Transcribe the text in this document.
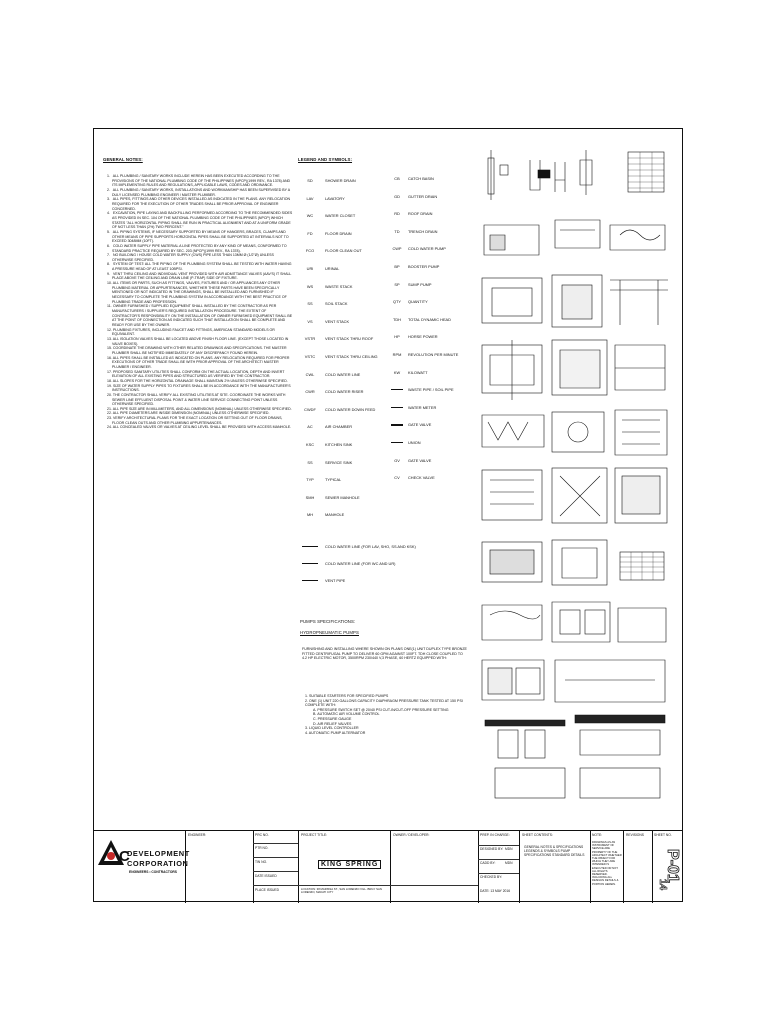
GENERAL NOTES:
1. ALL PLUMBING / SANITARY WORKS INCLUDE HEREIN HAS BEEN EXECUTED ACCORDING TO THE PROVISIONS OF THE NATIONAL PLUMBING CODE OF THE PHILIPPINES (NPCP)(1999 REV., RA 1378) AND ITS IMPLEMENTING RULES AND REGULATIONS, APPLICABLE LAWS, CODES AND ORDINANCE.
2. ALL PLUMBING / SANITARY WORKS, INSTALLATIONS AND WORKMANSHIP HAS BEEN SUPERVISED BY A DULY LICENSED PLUMBING ENGINEER / MASTER PLUMBER.
3. ALL PIPES, FITTINGS AND OTHER DEVICES INSTALLED AS INDICATED IN THE PLANS. ANY RELOCATION REQUIRED FOR THE EXECUTION OF OTHER TRADES SHALL BE PRIOR APPROVAL OF ENGINEER CONCERNED.
4. EXCAVATION, PIPE LAYING AND BACKFILLING PERFORMED ACCORDING TO THE RECOMMENDED SIDES AS PROVIDED IN SEC. 104 OF THE NATIONAL PLUMBING CODE OF THE PHILIPPINES (NPCP) WHICH STATES "ALL HORIZONTAL PIPING SHALL BE RUN IN PRACTICAL ALIGNMENT AND AT A UNIFORM GRADE OF NOT LESS THAN (2%) TWO PERCENT."
5. ALL PIPING SYSTEMS, IF NECESSARY SUPPORTED BY MEANS OF HANGERS, BRACES, CLAMPS AND OTHER MEANS OF PIPE SUPPORTS HORIZONTAL PIPES SHALL BE SUPPORTED AT INTERVALS NOT TO EXCEED 3048MM (10FT).
6. COLD WATER SUPPLY PIPE MATERIAL A LINE PROTECTED BY ANY KIND OF MEANS, CONFORMED TO STANDARD PRACTICE REQUIRED BY SEC. 203 (NPCP)(1999 REV., RA 1378).
7. NO BUILDING / HOUSE COLD WATER SUPPLY (CWS) PIPE LESS THAN 13MM Ø (1/2"Ø) UNLESS OTHERWISE SPECIFIED.
8. SYSTEM OF TEST: ALL THE PIPING OF THE PLUMBING SYSTEM SHALL BE TESTED WITH WATER HAVING A PRESSURE HEAD OF AT LEAST 10BPSI.
9. VENT THRU CEILING AND INDIVIDUAL VENT PROVIDED WITH AIR ADMITTANCE VALVES (AAV'S) IT SHALL PLACE ABOVE THE CEILING AND DRAIN LINE (P-TRAP) SIDE OF FIXTURE.
10. ALL ITEMS OR PARTS, SUCH AS FITTINGS, VALVES, FIXTURES AND / OR APPLIANCES ANY OTHER PLUMBING MATERIAL OR APPURTENANCES, WHETHER THESE PARTS HAVE BEEN SPECIFICALLY MENTIONED OR NOT INDICATED IN THE DRAWINGS, SHALL BE INSTALLED AND FURNISHED IF NECESSARY TO COMPLETE THE PLUMBING SYSTEM IN ACCORDANCE WITH THE BEST PRACTICE OF PLUMBING TRADE AND PROFESSION.
11. OWNER FURNISHED / SUPPLIED EQUIPMENT SHALL INSTALLED BY THE CONTRACTOR AS PER MANUFACTURERS / SUPPLIER'S REQUIRED INSTALLATION PROCEDURE. THE EXTENT OF CONTRACTOR'S RESPONSIBILITY ON THE INSTALLATION OF OWNER FURNISHED EQUIPMENT SHALL BE AT THE POINT OF CONNECTION AS INDICATED SUCH THAT INSTALLATION SHALL BE COMPLETE AND READY FOR USE BY THE OWNER.
12. PLUMBING FIXTURES, INCLUDING FAUCET AND FITTINGS, AMERICAN STANDARD MODELS OR EQUIVALENT.
13. ALL ISOLATION VALVES SHALL BE LOCATED ABOVE FINISH FLOOR LINE. (EXCEPT THOSE LOCATED IN VALVE BOXES).
15. COORDINATE THE DRAWING WITH OTHER RELATED DRAWINGS AND SPECIFICATIONS. THE MASTER PLUMBER SHALL BE NOTIFIED IMMEDIATELY OF ANY DISCREPANCY FOUND HEREIN.
16. ALL PIPES SHALL BE INSTALLED AS INDICATED ON PLANS. ANY RELOCATION REQUIRED FOR PROPER EXECUTIONS OF OTHER TRADE SHALL BE WITH PRIOR APPROVAL OF THE ARCHITECT/ MASTER PLUMBER / ENGINEER.
17. PROPOSED SANITARY UTILITIES SHALL CONFORM ON THE ACTUAL LOCATION, DEPTH AND INVERT ELEVATION OF ALL EXISTING PIPES AND STRUCTURED AS VERIFIED BY THE CONTRACTOR.
18. ALL SLOPES FOR THE HORIZONTAL DRAINAGE SHALL MAINTAIN 2% UNLESS OTHERWISE SPECIFIED.
19. SIZE OF WATER SUPPLY PIPES TO FIXTURES SHALL BE IN ACCORDANCE WITH THE MANUFACTURER'S INSTRUCTIONS.
20. THE CONTRACTOR SHALL VERIFY ALL EXISTING UTILITIES AT SITE. COORDINATE THE WORKS WITH SEWER LINE EFFLUENT DISPOSAL POINT & WATER LINE SERVICE CONNECTING POINT UNLESS OTHERWISE SPECIFIED.
21. ALL PIPE SIZE ARE IN MILLIMETERS, AND ALL DIMENSIONS (NOMINAL) UNLESS OTHERWISE SPECIFIED.
22. ALL PIPE DIAMETERS ARE INSIDE DIMENSION (NOMINAL) UNLESS OTHERWISE SPECIFIED.
23. VERIFY ARCHITECTURAL PLANS FOR THE EXACT LOCATION OR SETTING OUT OF FLOOR DRAINS, FLOOR CLEAN OUTS AND OTHER PLUMBING APPURTENANCES.
24. ALL CONCEALED VALVES OR VALVES AT CEILING LEVEL SHALL BE PROVIDED WITH ACCESS MANHOLE.
LEGEND AND SYMBOLS:
SD	SHOWER DRAIN
LAV	LAVATORY
WC	WATER CLOSET
FD	FLOOR DRAIN
FCO	FLOOR CLEAN OUT
URI	URINAL
WS	WASTE STACK
SS	SOIL STACK
VS	VENT STACK
VSTR	VENT STACK THRU ROOF
VSTC	VENT STACK THRU CEILING
CWL	COLD WATER LINE
CWR	COLD WATER RISER
CWDF	COLD WATER DOWN FEED
AC	AIR CHAMBER
KSC	KITCHEN SINK
SS	SERVICE SINK
TYP	TYPICAL
SMH	SEWER MANHOLE
MH	MANHOLE
COLD WATER LINE (FOR LAV, SHO, SS AND KSK)
COLD WATER LINE (FOR WC AND UR)
VENT PIPE
CB	CATCH BASIN
GD	GUTTER DRAIN
RD	ROOF DRAIN
TD	TRENCH DRAIN
CWP	COLD WATER PUMP
BP	BOOSTER PUMP
SP	SUMP PUMP
QTY	QUANTITY
TDH	TOTAL DYNAMIC HEAD
HP	HORSE POWER
RPM	REVOLUTION PER MINUTE
KW	KILOWATT
WASTE PIPE / SOIL PIPE
WATER METER
GATE VALVE
UNION
GV	GATE VALVE
CV	CHECK VALVE
PUMPS SPECIFICATIONS:
HYDROPNEUMATIC PUMPS
FURNISHING AND INSTALLING WHERE SHOWN ON PLANS ONE(1) UNIT DUPLEX TYPE BRONZE FITTED CENTRIFUGAL PUMP TO DELIVER 60 GPM AGAINST 100FT. TDH CLOSE COUPLED TO 4.2 HP ELECTRIC MOTOR, 3500RPM 230/440 V,3 PHASE, 60 HERTZ EQUIPPED WITH:
1. SUITABLE STARTERS FOR SPECIFIED PUMPS
2. ONE (1) UNIT 220 GALLONS CAPACITY DIAPHRAGM PRESSURE TANK TESTED AT 150 PSI COMPLETE WITH:
A. PRESSURE SWITCH SET @ 20/40 PSI CUT-IN/CUT-OFF PRESSURE SETTING
B. AUTOMATIC AIR VOLUME CONTROL
C. PRESSURE GAUGE
D. AIR RELIEF VALVES
3. LIQUID LEVEL CONTROLLER
4. AUTOMATIC PUMP ALTERNATOR
C
DEVELOPMENT
CORPORATION
ENGINEERS • CONTRACTORS
ENGINEER:	PRC NO.
PTR NO.
TIN NO.
DATE ISSUED
PLACE ISSUED
PROJECT TITLE:
KING SPRING
LOCATION: 38 MARISSA ST., SAN LORENZO VILL. BRGY SAN LORENZO, MAKATI CITY
OWNER / DEVELOPER:	PREP. IN CHARGE:
DESIGNED BY: MDN
CADD BY:	MDN
CHECKED BY:
DATE: 13 MAY 2016
SHEET CONTENTS:
GENERAL NOTES & SPECIFICATIONS LEGENDS & SYMBOLS PUMP SPECIFICATIONS STANDARD DETAILS
NOTE:
DRAWINGS AS AN INSTRUMENT OF SERVICE ARE PROPERTY OF THE ARCHITECT WHETHER THE OBJECT FOR WHICH THEY ARE INTENDED IS EXECUTED OR NOT. ALL RIGHTS RESERVED. INCLUDING ALL DESIGNS DETAILS & PORTION HEREIN.
REVISIONS	SHEET NO.
P-01
14
